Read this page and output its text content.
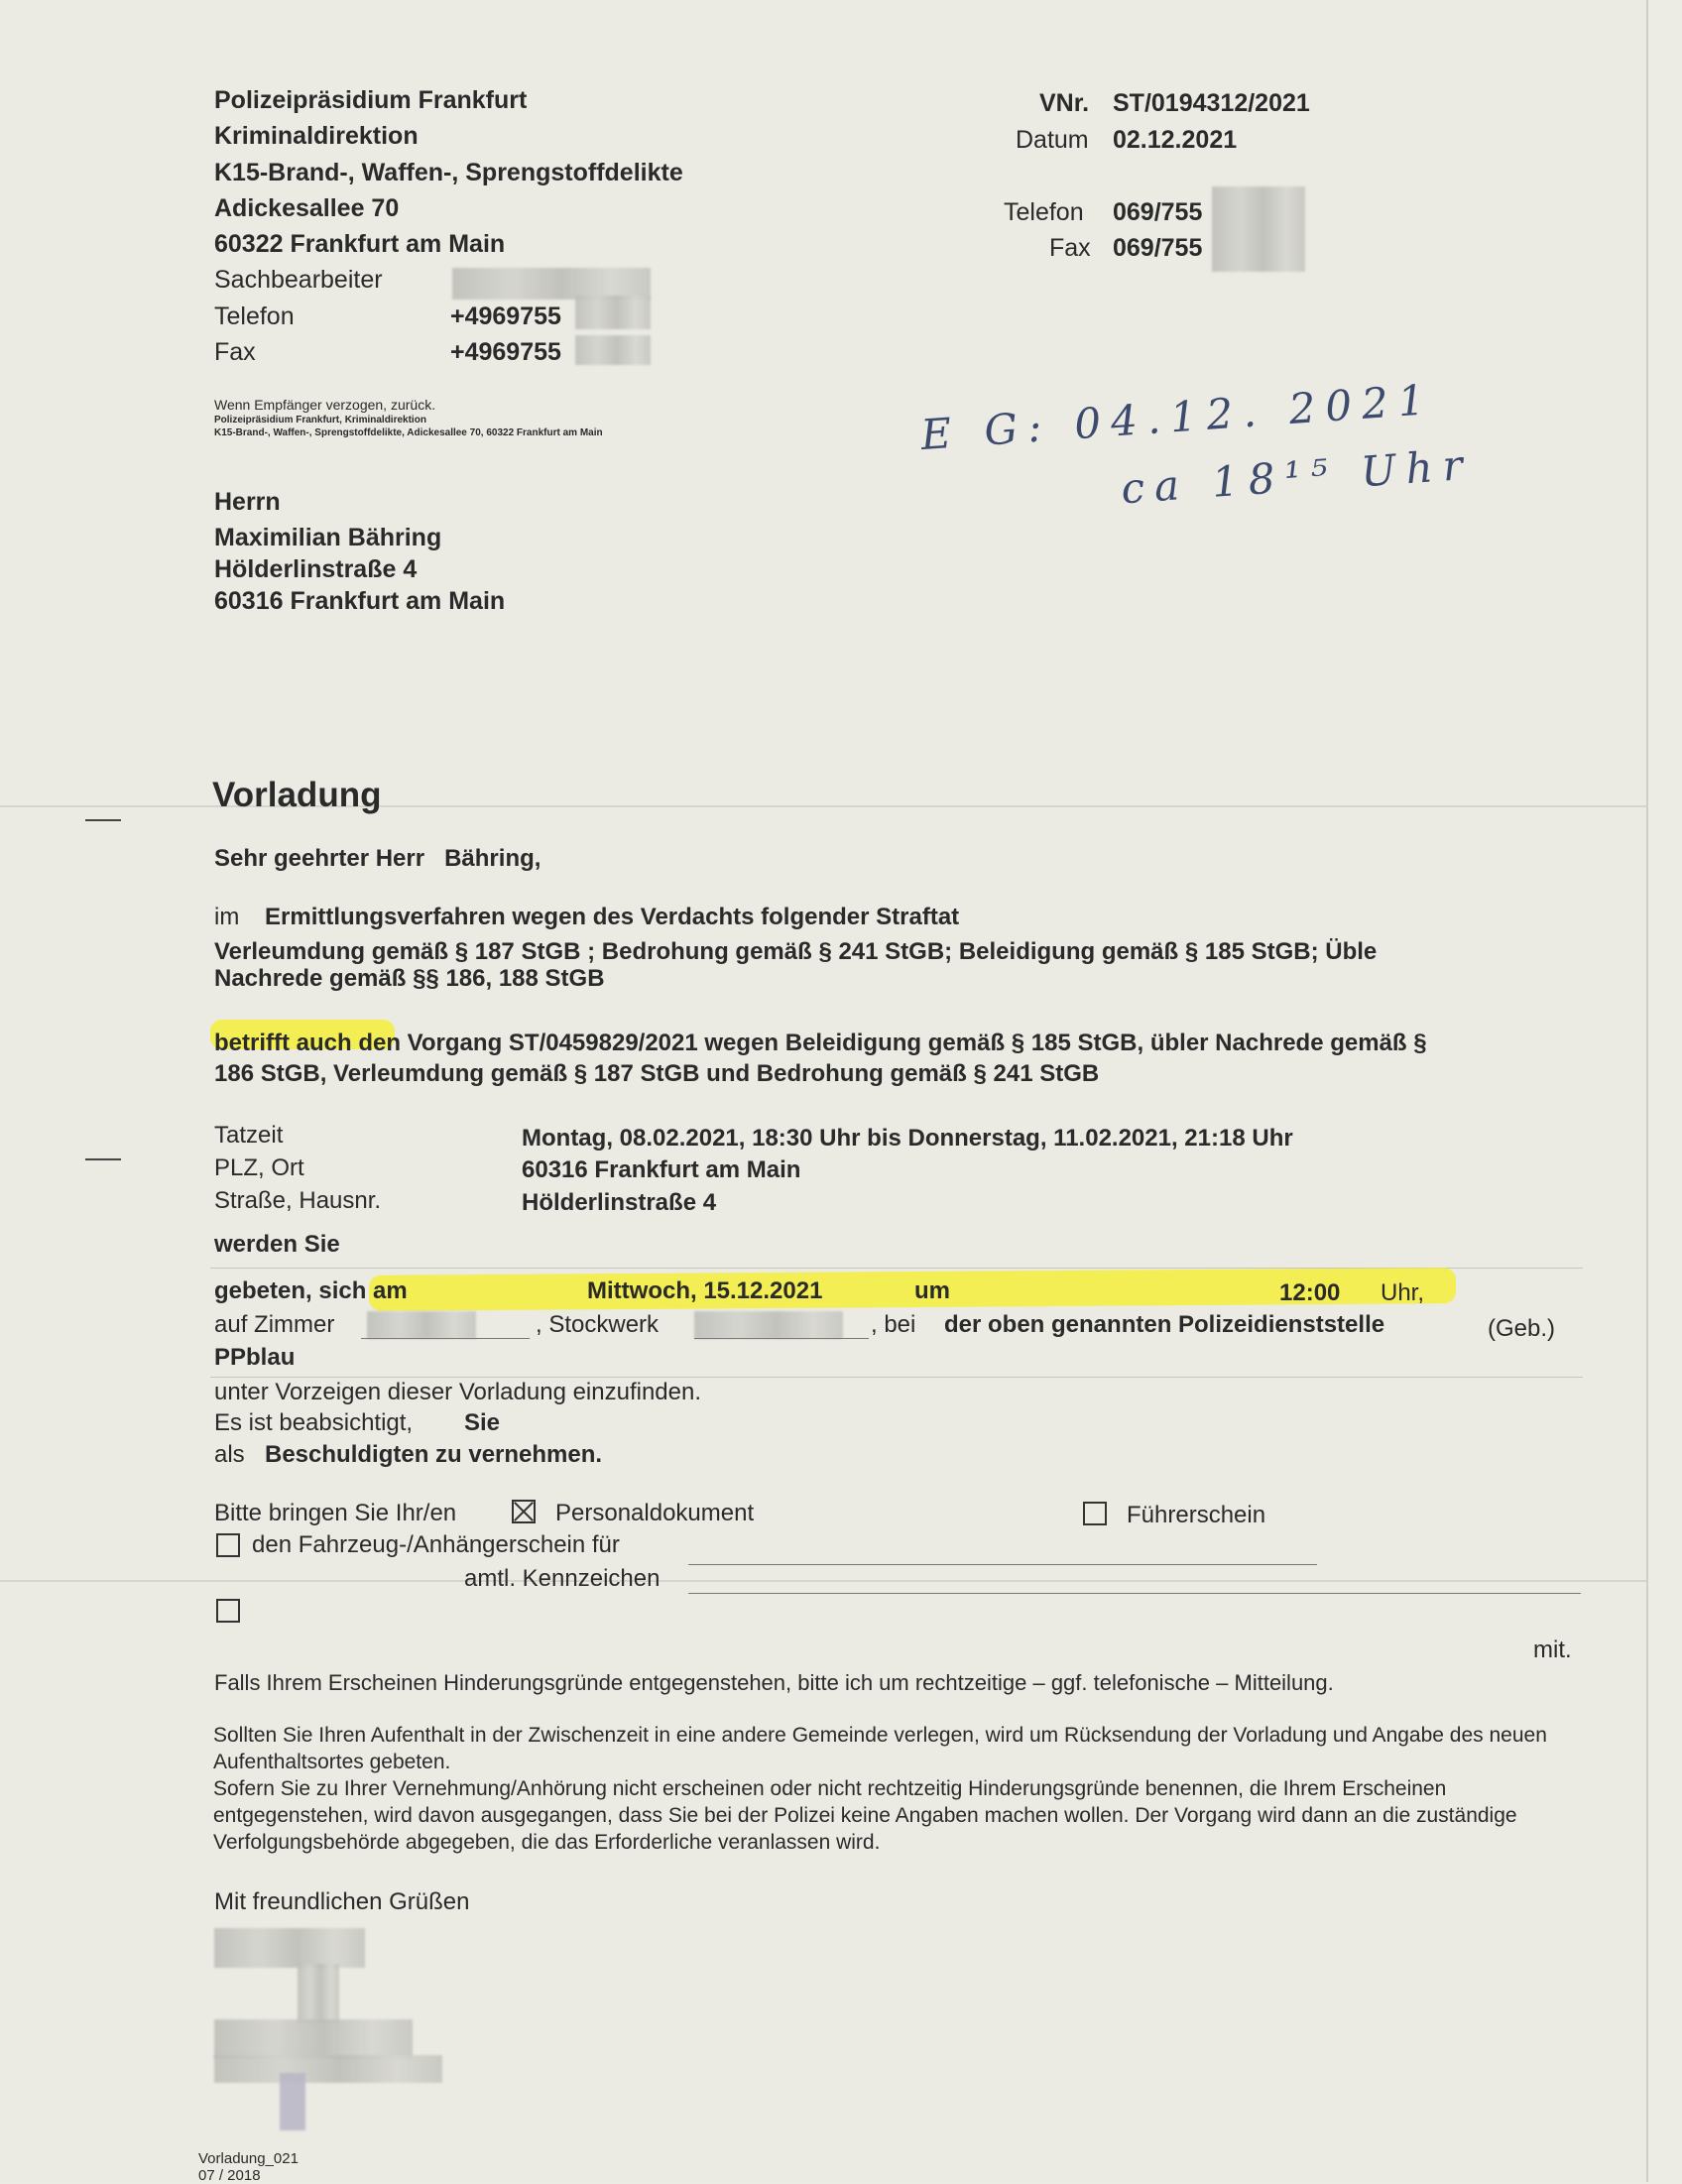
Polizeipräsidium Frankfurt
Kriminaldirektion
K15-Brand-, Waffen-, Sprengstoffdelikte
Adickesallee 70
60322 Frankfurt am Main
Sachbearbeiter
Telefon	+4969755
Fax	+4969755
Wenn Empfänger verzogen, zurück.
Polizeipräsidium Frankfurt, Kriminaldirektion
K15-Brand-, Waffen-, Sprengstoffdelikte, Adickesallee 70, 60322 Frankfurt am Main
VNr. ST/0194312/2021
Datum 02.12.2021
Telefon 069/755
Fax 069/755
E G: 04.12. 2021
ca 18¹⁵ Uhr
Herrn
Maximilian Bähring
Hölderlinstraße 4
60316 Frankfurt am Main
Vorladung
Sehr geehrter Herr   Bähring,
im Ermittlungsverfahren wegen des Verdachts folgender Straftat
Verleumdung gemäß § 187 StGB ; Bedrohung gemäß § 241 StGB; Beleidigung gemäß § 185 StGB; Üble
Nachrede gemäß §§ 186, 188 StGB
betrifft auch den Vorgang ST/0459829/2021 wegen Beleidigung gemäß § 185 StGB, übler Nachrede gemäß §
186 StGB, Verleumdung gemäß § 187 StGB und Bedrohung gemäß § 241 StGB
Tatzeit	Montag, 08.02.2021, 18:30 Uhr bis Donnerstag, 11.02.2021, 21:18 Uhr
PLZ, Ort	60316 Frankfurt am Main
Straße, Hausnr.	Hölderlinstraße 4
werden Sie
gebeten, sich am	Mittwoch, 15.12.2021	um	12:00 Uhr,
auf Zimmer	, Stockwerk	, bei der oben genannten Polizeidienststelle	(Geb.)
PPblau
unter Vorzeigen dieser Vorladung einzufinden.
Es ist beabsichtigt, Sie
als Beschuldigten zu vernehmen.
Bitte bringen Sie Ihr/en	Personaldokument	Führerschein
den Fahrzeug-/Anhängerschein für
amtl. Kennzeichen
mit.
Falls Ihrem Erscheinen Hinderungsgründe entgegenstehen, bitte ich um rechtzeitige – ggf. telefonische – Mitteilung.
Sollten Sie Ihren Aufenthalt in der Zwischenzeit in eine andere Gemeinde verlegen, wird um Rücksendung der Vorladung und Angabe des neuen Aufenthaltsortes gebeten.
Sofern Sie zu Ihrer Vernehmung/Anhörung nicht erscheinen oder nicht rechtzeitig Hinderungsgründe benennen, die Ihrem Erscheinen entgegenstehen, wird davon ausgegangen, dass Sie bei der Polizei keine Angaben machen wollen. Der Vorgang wird dann an die zuständige Verfolgungsbehörde abgegeben, die das Erforderliche veranlassen wird.
Mit freundlichen Grüßen
Vorladung_021
07 / 2018
